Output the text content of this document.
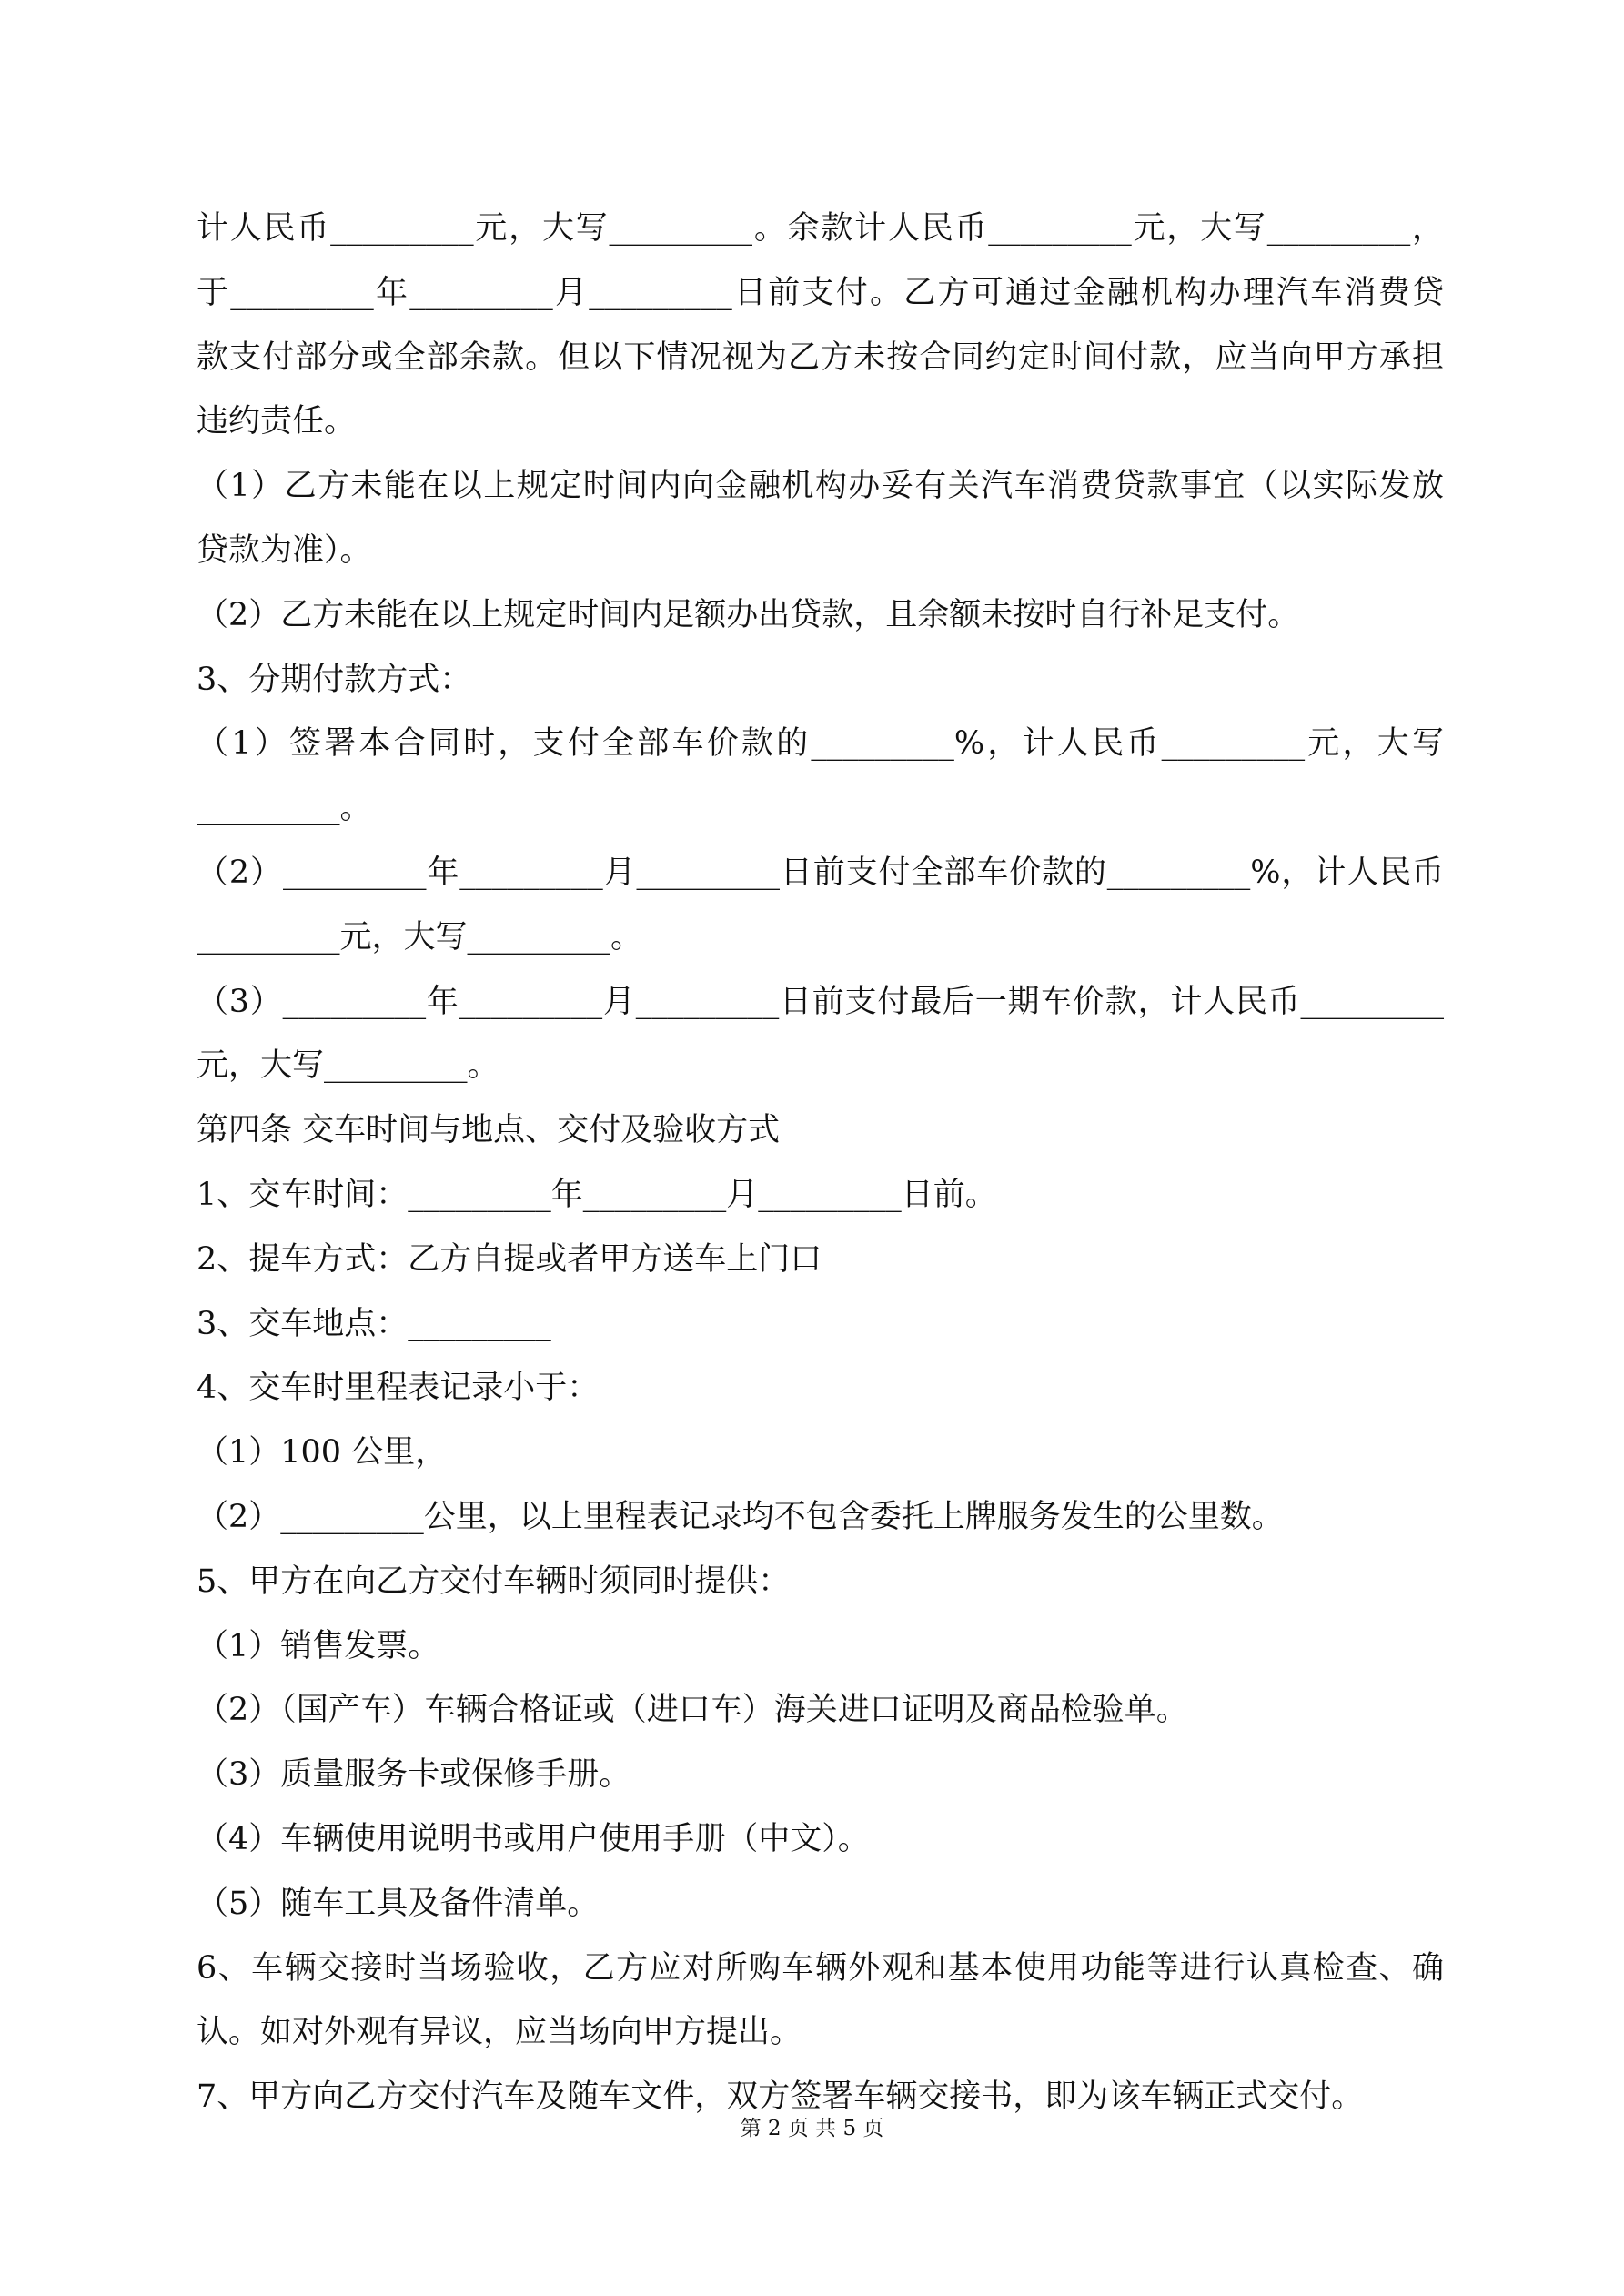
计人民币_________元，大写_________。余款计人民币_________元，大写_________，
于_________年_________月_________日前支付。乙方可通过金融机构办理汽车消费贷
款支付部分或全部余款。但以下情况视为乙方未按合同约定时间付款，应当向甲方承担
违约责任。
（1）乙方未能在以上规定时间内向金融机构办妥有关汽车消费贷款事宜（以实际发放
贷款为准）。
（2）乙方未能在以上规定时间内足额办出贷款，且余额未按时自行补足支付。
3、分期付款方式：
（1）签署本合同时，支付全部车价款的_________%，计人民币_________元，大写
_________。
（2）_________年_________月_________日前支付全部车价款的_________%，计人民币
_________元，大写_________。
（3）_________年_________月_________日前支付最后一期车价款，计人民币_________
元，大写_________。
第四条 交车时间与地点、交付及验收方式
1、交车时间：_________年_________月_________日前。
2、提车方式：乙方自提或者甲方送车上门口
3、交车地点：_________
4、交车时里程表记录小于：
（1）100 公里，
（2）_________公里，以上里程表记录均不包含委托上牌服务发生的公里数。
5、甲方在向乙方交付车辆时须同时提供：
（1）销售发票。
（2）（国产车）车辆合格证或（进口车）海关进口证明及商品检验单。
（3）质量服务卡或保修手册。
（4）车辆使用说明书或用户使用手册（中文）。
（5）随车工具及备件清单。
6、车辆交接时当场验收，乙方应对所购车辆外观和基本使用功能等进行认真检查、确
认。如对外观有异议，应当场向甲方提出。
7、甲方向乙方交付汽车及随车文件，双方签署车辆交接书，即为该车辆正式交付。
第 2 页 共 5 页
